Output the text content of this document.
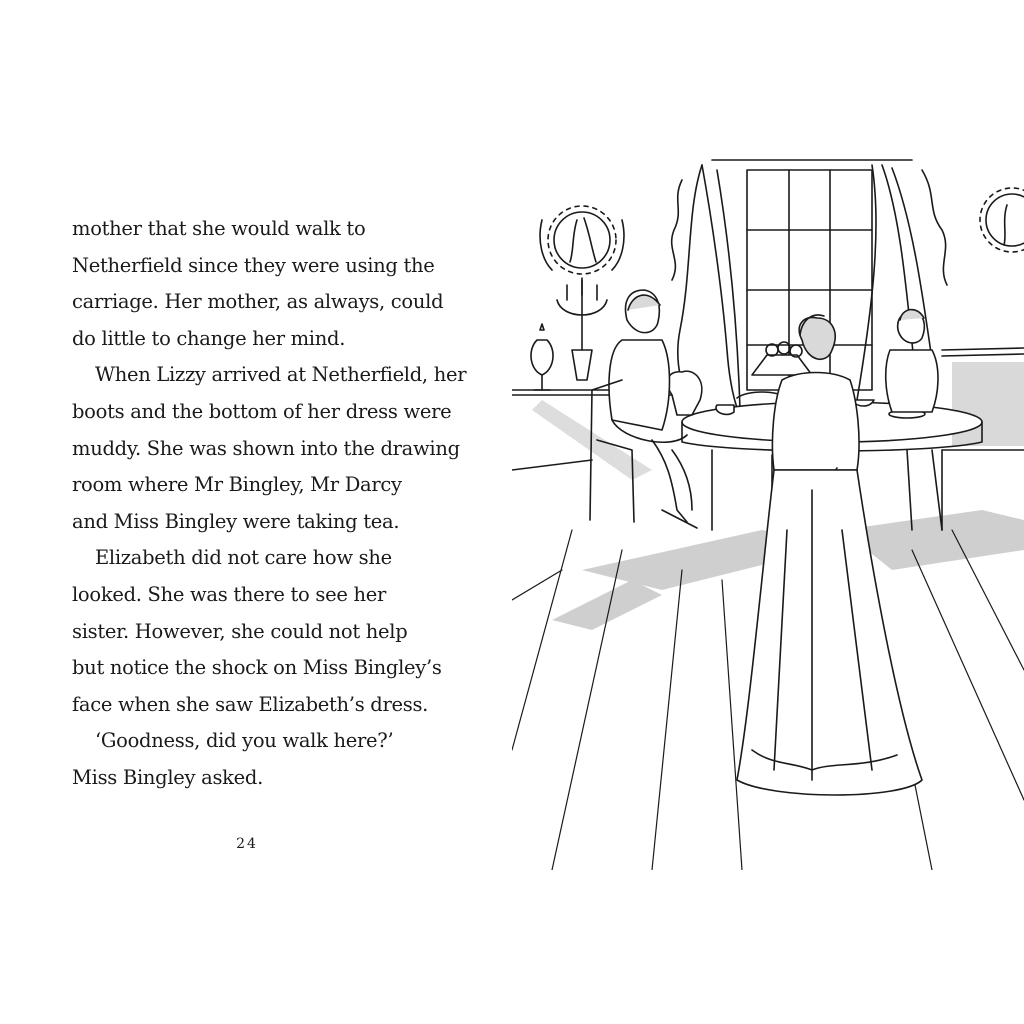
mother that she would walk to
Netherfield since they were using the
carriage. Her mother, as always, could
do little to change her mind.
When Lizzy arrived at Netherfield, her
boots and the bottom of her dress were
muddy. She was shown into the drawing
room where Mr Bingley, Mr Darcy
and Miss Bingley were taking tea.
Elizabeth did not care how she
looked. She was there to see her
sister. However, she could not help
but notice the shock on Miss Bingley’s
face when she saw Elizabeth’s dress.
‘Goodness, did you walk here?’
Miss Bingley asked.
24
